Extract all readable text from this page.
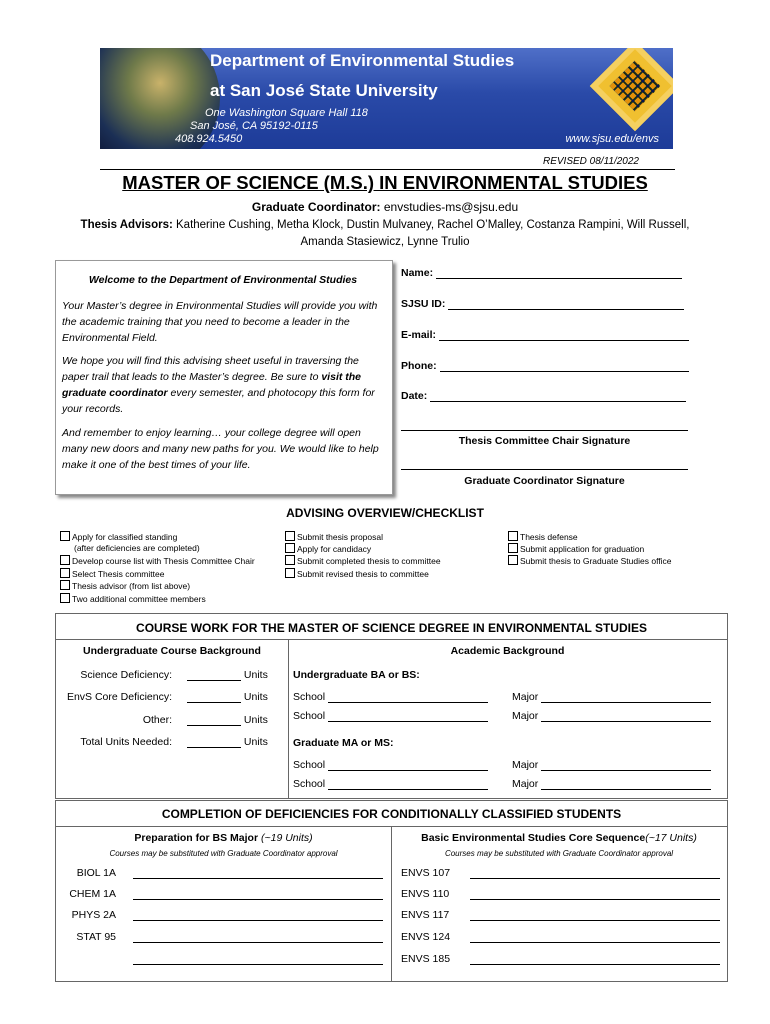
Department of Environmental Studies
at San José State University
One Washington Square Hall 118
San José, CA 95192-0115
408.924.5450	www.sjsu.edu/envs
REVISED 08/11/2022
MASTER OF SCIENCE (M.S.) IN ENVIRONMENTAL STUDIES
Graduate Coordinator: envstudies-ms@sjsu.edu
Thesis Advisors: Katherine Cushing, Metha Klock, Dustin Mulvaney, Rachel O’Malley, Costanza Rampini, Will Russell, Amanda Stasiewicz, Lynne Trulio
Welcome to the Department of Environmental Studies
Your Master’s degree in Environmental Studies will provide you with the academic training that you need to become a leader in the Environmental Field.
We hope you will find this advising sheet useful in traversing the paper trail that leads to the Master’s degree. Be sure to visit the graduate coordinator every semester, and photocopy this form for your records.
And remember to enjoy learning… your college degree will open many new doors and many new paths for you. We would like to help make it one of the best times of your life.
Name:
SJSU ID:
E-mail:
Phone:
Date:
Thesis Committee Chair Signature
Graduate Coordinator Signature
ADVISING OVERVIEW/CHECKLIST
Apply for classified standing
(after deficiencies are completed)
Develop course list with Thesis Committee Chair
Select Thesis committee
Thesis advisor (from list above)
Two additional committee members
Submit thesis proposal
Apply for candidacy
Submit completed thesis to committee
Submit revised thesis to committee
Thesis defense
Submit application for graduation
Submit thesis to Graduate Studies office
COURSE WORK FOR THE MASTER OF SCIENCE DEGREE IN ENVIRONMENTAL STUDIES
Undergraduate Course Background	Academic Background
Science Deficiency:	Units
EnvS Core Deficiency:	Units
Other:	Units
Total Units Needed:	Units
Undergraduate BA or BS:
School	Major
School	Major
Graduate MA or MS:
School	Major
School	Major
COMPLETION OF DEFICIENCIES FOR CONDITIONALLY CLASSIFIED STUDENTS
Preparation for BS Major (~19 Units)
Courses may be substituted with Graduate Coordinator approval
Basic Environmental Studies Core Sequence(~17 Units)
Courses may be substituted with Graduate Coordinator approval
BIOL 1A
CHEM 1A
PHYS 2A
STAT 95
ENVS 107
ENVS 110
ENVS 117
ENVS 124
ENVS 185
